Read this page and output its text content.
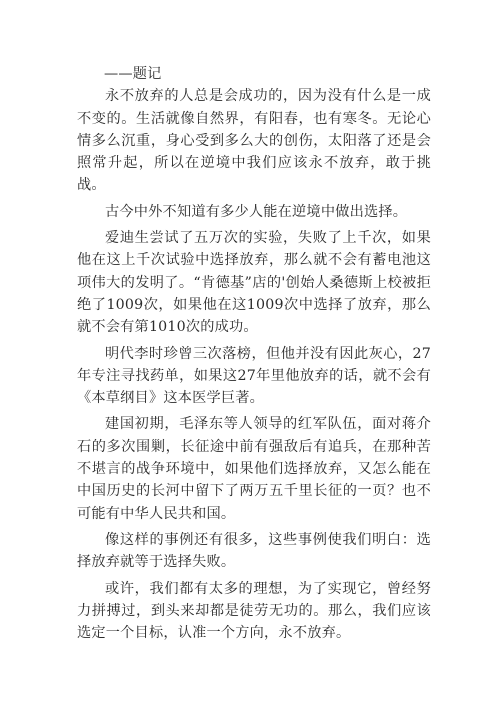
——题记

永不放弃的人总是会成功的，因为没有什么是一成不变的。生活就像自然界，有阳春，也有寒冬。无论心情多么沉重，身心受到多么大的创伤，太阳落了还是会照常升起，所以在逆境中我们应该永不放弃，敢于挑战。

古今中外不知道有多少人能在逆境中做出选择。

爱迪生尝试了五万次的实验，失败了上千次，如果他在这上千次试验中选择放弃，那么就不会有蓄电池这项伟大的发明了。“肯德基”店的'创始人桑德斯上校被拒绝了1009次，如果他在这1009次中选择了放弃，那么就不会有第1010次的成功。

明代李时珍曾三次落榜，但他并没有因此灰心，27年专注寻找药单，如果这27年里他放弃的话，就不会有《本草纲目》这本医学巨著。

建国初期，毛泽东等人领导的红军队伍，面对蒋介石的多次围剿，长征途中前有强敌后有追兵，在那种苦不堪言的战争环境中，如果他们选择放弃，又怎么能在中国历史的长河中留下了两万五千里长征的一页？也不可能有中华人民共和国。

像这样的事例还有很多，这些事例使我们明白：选择放弃就等于选择失败。

或许，我们都有太多的理想，为了实现它，曾经努力拼搏过，到头来却都是徒劳无功的。那么，我们应该选定一个目标，认准一个方向，永不放弃。
